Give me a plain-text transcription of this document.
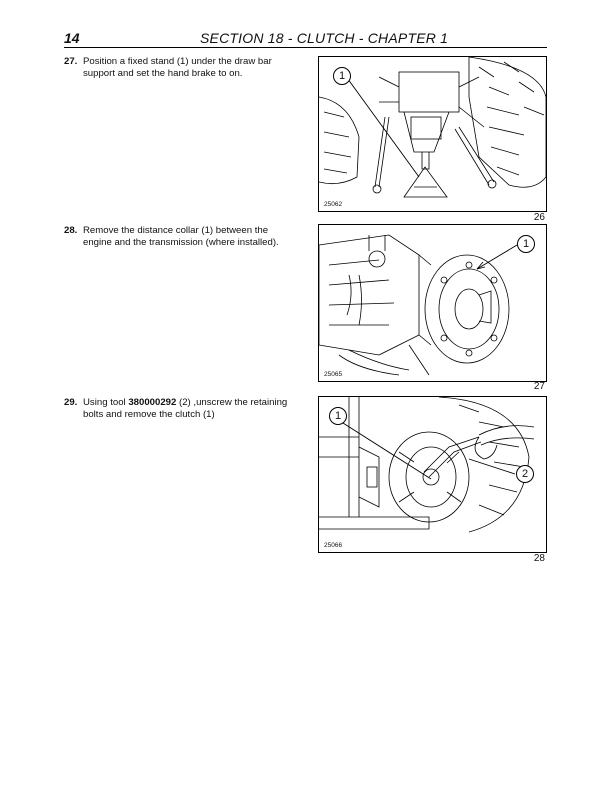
14	SECTION 18 - CLUTCH - CHAPTER 1
27. Position a fixed stand (1) under the draw bar support and set the hand brake to on.	1
25062
26
28. Remove the distance collar (1) between the engine and the transmission (where installed).	1
25065
27
29. Using tool 380000292 (2) ,unscrew the retaining bolts and remove the clutch (1)	1
2
25066
28
